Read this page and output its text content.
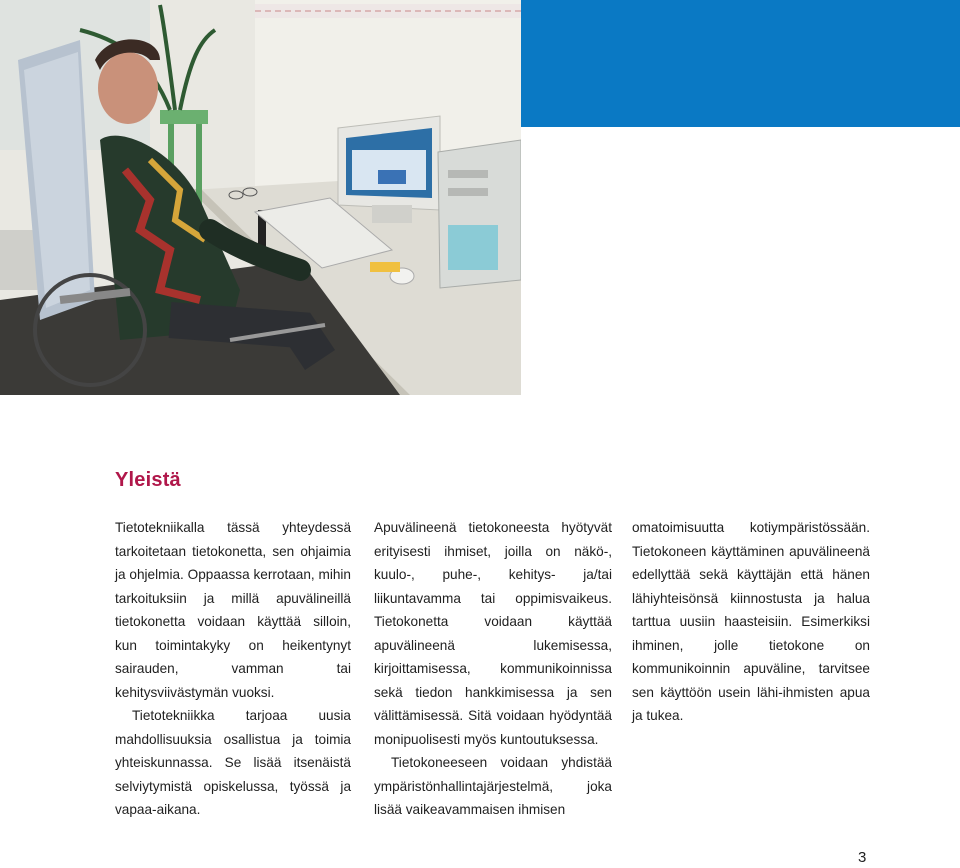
Yleistä

Tietotekniikalla tässä yhteydessä tarkoitetaan tietokonetta, sen ohjaimia ja ohjelmia. Oppaassa kerrotaan, mihin tarkoituksiin ja millä apuvälineillä tietokonetta voidaan käyttää silloin, kun toimintakyky on heikentynyt sairauden, vamman tai kehitysviivästymän vuoksi.

Tietotekniikka tarjoaa uusia mahdollisuuksia osallistua ja toimia yhteiskunnassa. Se lisää itsenäistä selviytymistä opiskelussa, työssä ja vapaa-aikana.

Apuvälineenä tietokoneesta hyötyvät erityisesti ihmiset, joilla on näkö-, kuulo-, puhe-, kehitys- ja/tai liikuntavamma tai oppimisvaikeus. Tietokonetta voidaan käyttää apuvälineenä lukemisessa, kirjoittamisessa, kommunikoinnissa sekä tiedon hankkimisessa ja sen välittämisessä. Sitä voidaan hyödyntää monipuolisesti myös kuntoutuksessa.

Tietokoneeseen voidaan yhdistää ympäristönhallintajärjestelmä, joka lisää vaikeavammaisen ihmisen

omatoimisuutta kotiympäristössään. Tietokoneen käyttäminen apuvälineenä edellyttää sekä käyttäjän että hänen lähiyhteisönsä kiinnostusta ja halua tarttua uusiin haasteisiin. Esimerkiksi ihminen, jolle tietokone on kommunikoinnin apuväline, tarvitsee sen käyttöön usein lähi-ihmisten apua ja tukea.

3
